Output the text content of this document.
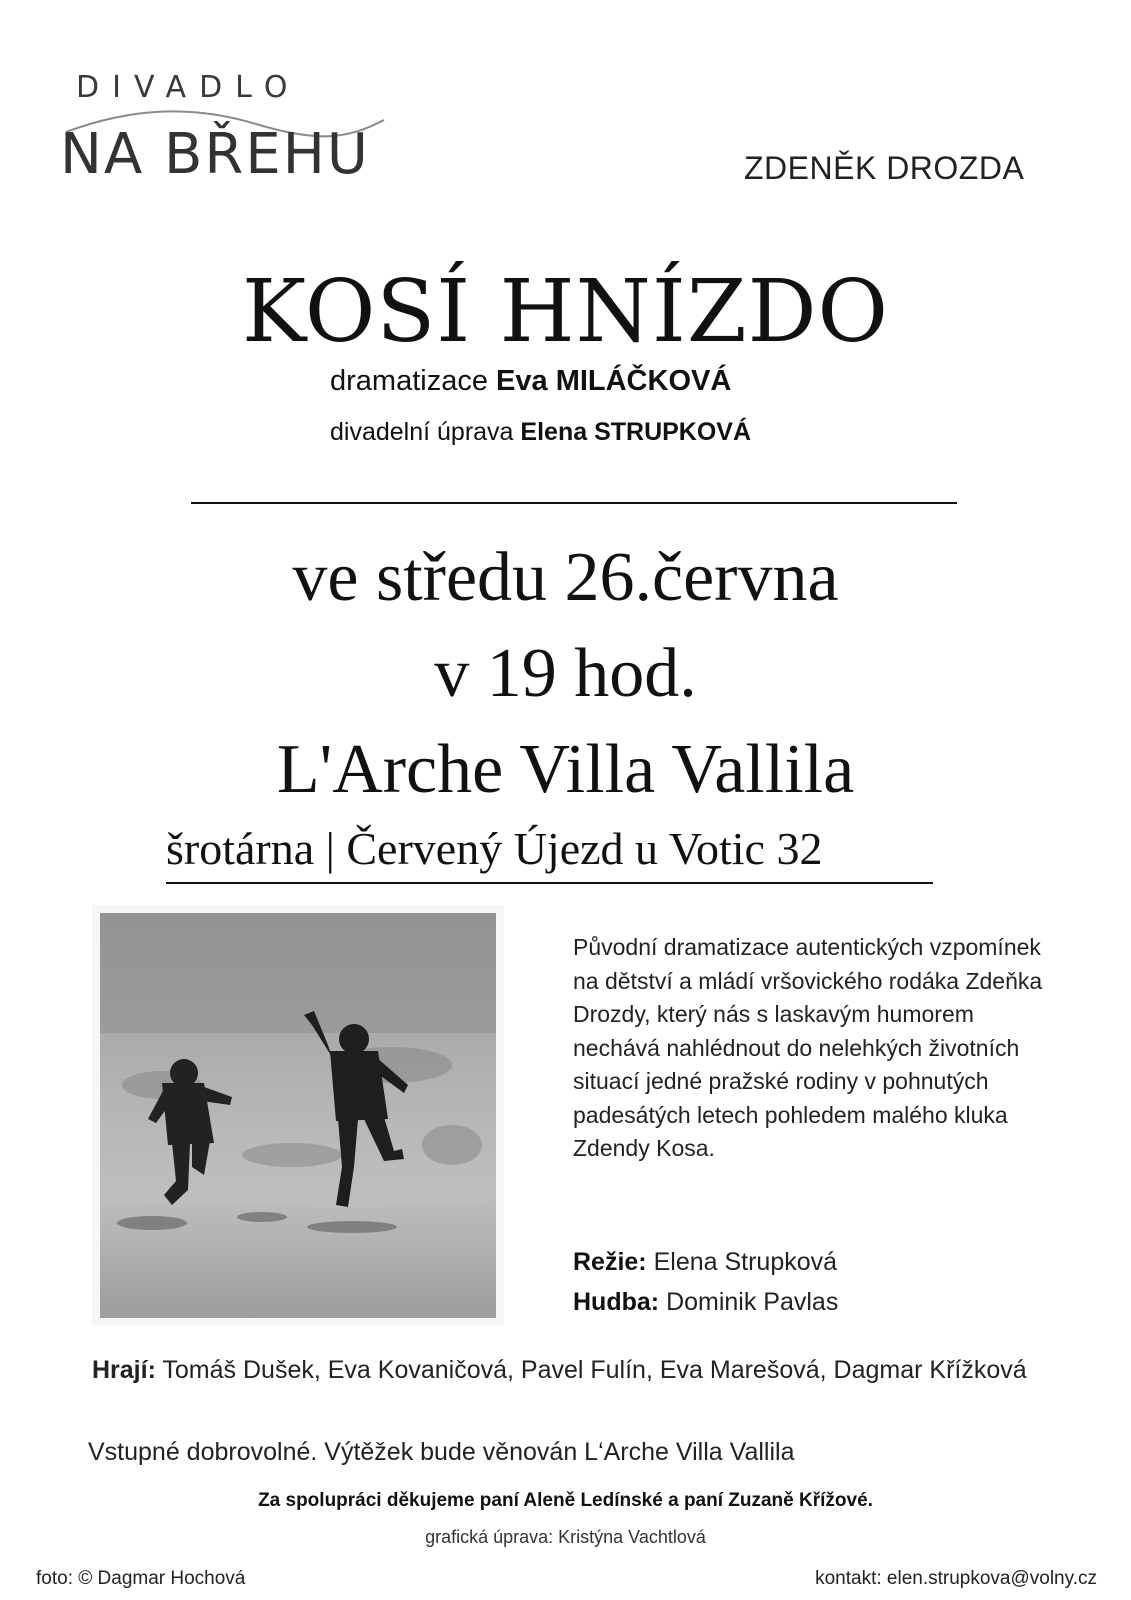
DIVADLO
NA BŘEHU	ZDENĚK DROZDA
KOSÍ HNÍZDO
dramatizace Eva MILÁČKOVÁ
divadelní úprava Elena STRUPKOVÁ
ve středu 26.června
v 19 hod.
L'Arche Villa Vallila
šrotárna | Červený Újezd u Votic 32
Původní dramatizace autentických vzpomínek na dětství a mládí vršovického rodáka Zdeňka Drozdy, který nás s laskavým humorem nechává nahlédnout do nelehkých životních situací jedné pražské rodiny v pohnutých padesátých letech pohledem malého kluka Zdendy Kosa.
Režie: Elena Strupková
Hudba: Dominik Pavlas
Hrají: Tomáš Dušek, Eva Kovaničová, Pavel Fulín, Eva Marešová, Dagmar Křížková
Vstupné dobrovolné. Výtěžek bude věnován L‘Arche Villa Vallila
Za spolupráci děkujeme paní Aleně Ledínské a paní Zuzaně Křížové.
grafická úprava: Kristýna Vachtlová
foto: © Dagmar Hochová	kontakt: elen.strupkova@volny.cz
